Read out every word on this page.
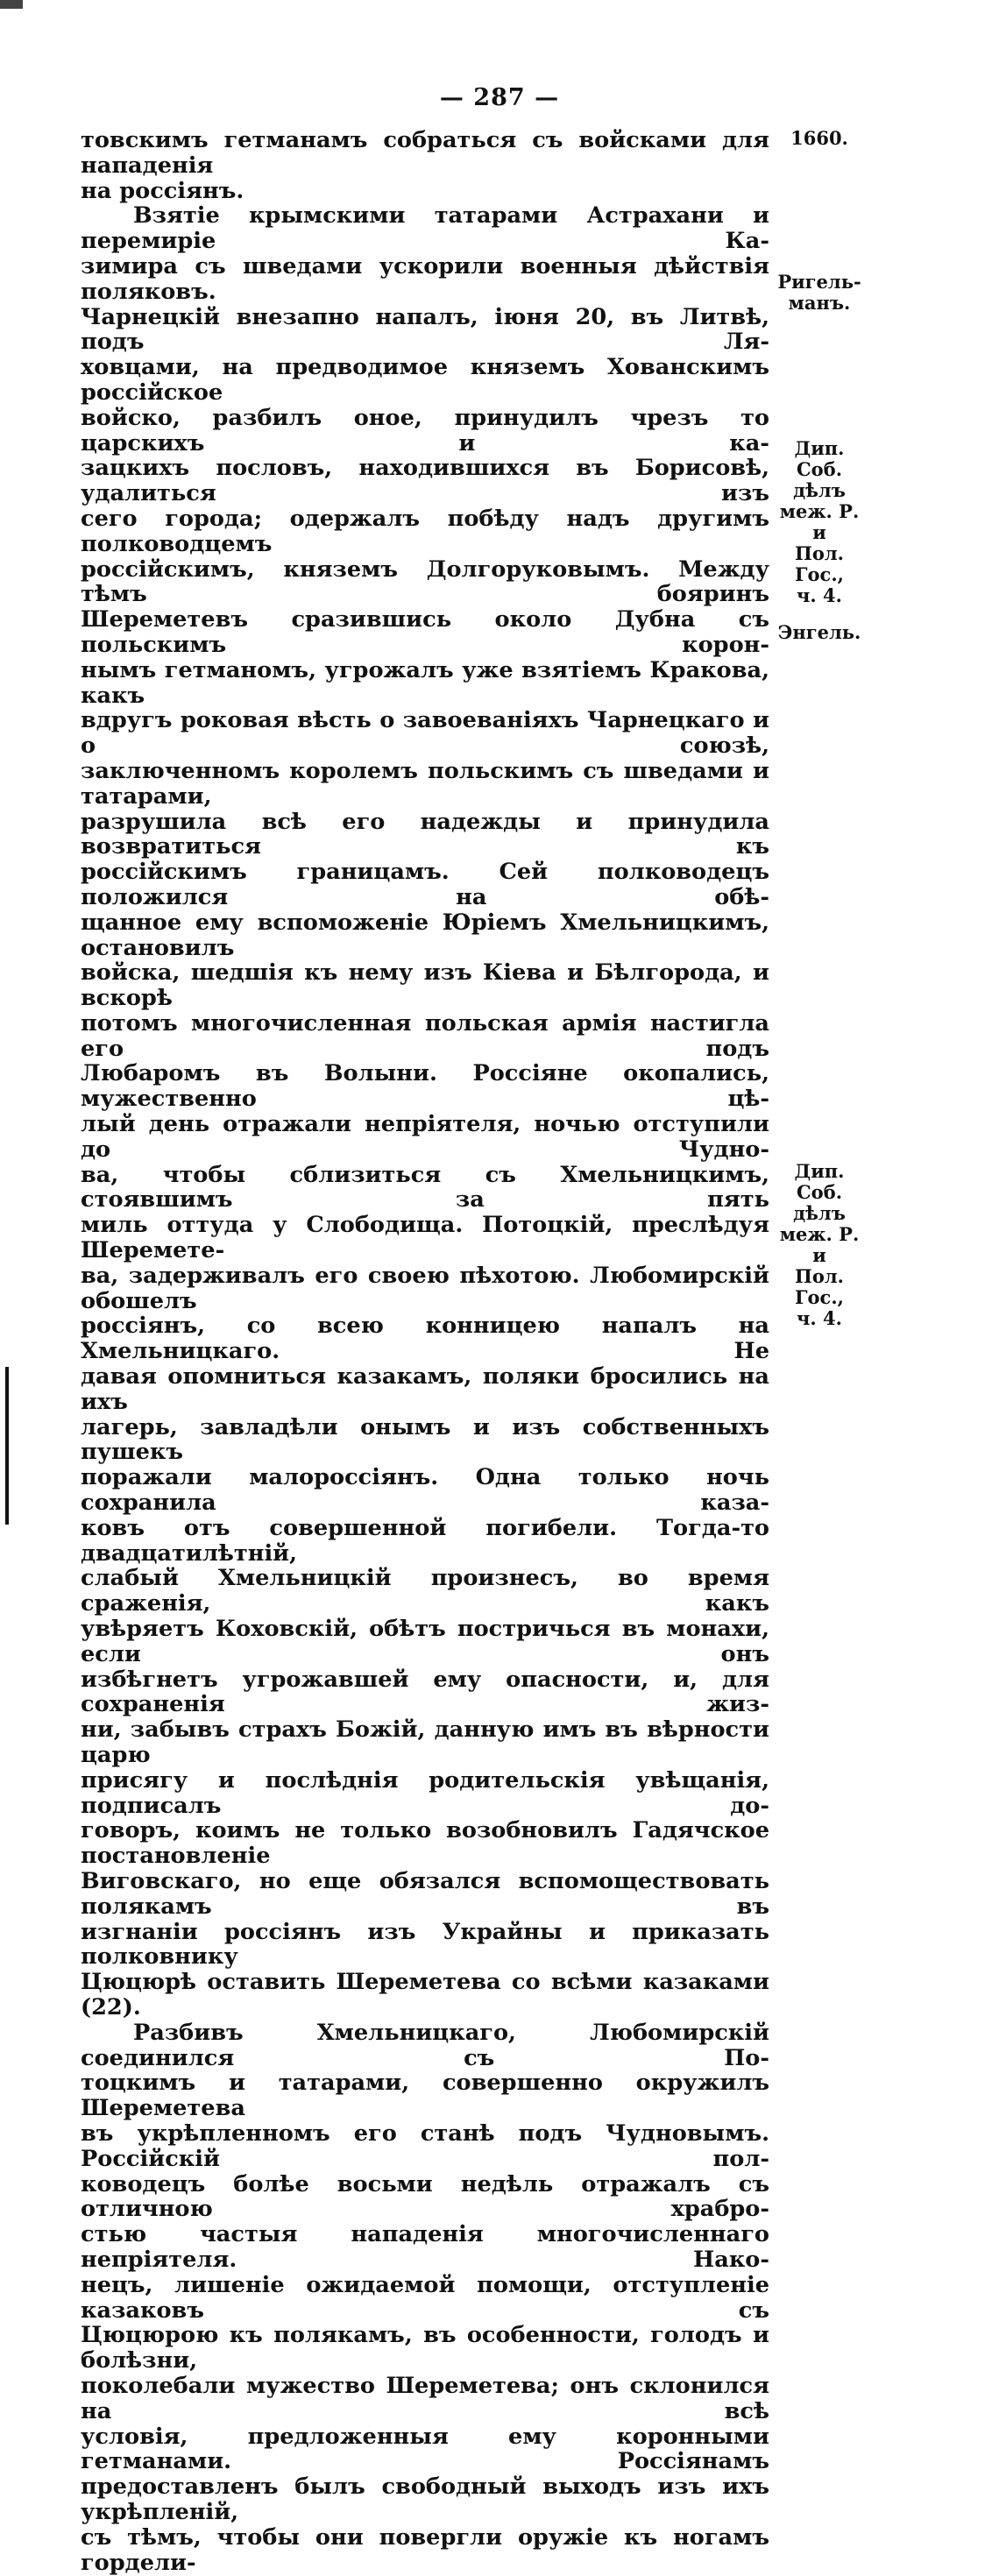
— 287 —

товскимъ гетманамъ собраться съ войсками для нападенія

на россіянъ.

Взятіе крымскими татарами Астрахани и перемиріе Ка-

зимира съ шведами ускорили военныя дѣйствія поляковъ.

Чарнецкій внезапно напалъ, іюня 20, въ Литвѣ, подъ Ля-

ховцами, на предводимое княземъ Хованскимъ россійское

войско, разбилъ оное, принудилъ чрезъ то царскихъ и ка-

зацкихъ пословъ, находившихся въ Борисовѣ, удалиться изъ

сего города; одержалъ побѣду надъ другимъ полководцемъ

россійскимъ, княземъ Долгоруковымъ. Между тѣмъ бояринъ

Шереметевъ сразившись около Дубна съ польскимъ корон-

нымъ гетманомъ, угрожалъ уже взятіемъ Кракова, какъ

вдругъ роковая вѣсть о завоеваніяхъ Чарнецкаго и о союзѣ,

заключенномъ королемъ польскимъ съ шведами и татарами,

разрушила всѣ его надежды и принудила возвратиться къ

россійскимъ границамъ. Сей полководецъ положился на обѣ-

щанное ему вспоможеніе Юріемъ Хмельницкимъ, остановилъ

войска, шедшія къ нему изъ Кіева и Бѣлгорода, и вскорѣ

потомъ многочисленная польская армія настигла его подъ

Любаромъ въ Волыни. Россіяне окопались, мужественно цѣ-

лый день отражали непріятеля, ночью отступили до Чудно-

ва, чтобы сблизиться съ Хмельницкимъ, стоявшимъ за пять

миль оттуда у Слободища. Потоцкій, преслѣдуя Шереметe-

ва, задерживалъ его своею пѣхотою. Любомирскій обошелъ

россіянъ, со всею конницею напалъ на Хмельницкаго. Не

давая опомниться казакамъ, поляки бросились на ихъ

лагерь, завладѣли онымъ и изъ собственныхъ пушекъ

поражали малороссіянъ. Одна только ночь сохранила каза-

ковъ отъ совершенной погибели. Тогда-то двадцатилѣтній,

слабый Хмельницкій произнесъ, во время сраженія, какъ

увѣряетъ Коховскій, обѣтъ постричься въ монахи, если онъ

избѣгнетъ угрожавшей ему опасности, и, для сохраненія жиз-

ни, забывъ страхъ Божій, данную имъ въ вѣрности царю

присягу и послѣднія родительскія увѣщанія, подписалъ до-

говоръ, коимъ не только возобновилъ Гадячское постановленіе

Виговскаго, но еще обязался вспомоществовать полякамъ въ

изгнаніи россіянъ изъ Украйны и приказать полковнику

Цюцюрѣ оставить Шереметева со всѣми казаками (22).

Разбивъ Хмельницкаго, Любомирскій соединился съ По-

тоцкимъ и татарами, совершенно окружилъ Шереметева

въ укрѣпленномъ его станѣ подъ Чудновымъ. Россійскій пол-

ководецъ болѣе восьми недѣль отражалъ съ отличною храбро-

стью частыя нападенія многочисленнаго непріятеля. Нако-

нецъ, лишеніе ожидаемой помощи, отступленіе казаковъ съ

Цюцюрою къ полякамъ, въ особенности, голодъ и болѣзни,

поколебали мужество Шереметева; онъ склонился на всѣ

условія, предложенныя ему коронными гетманами. Россіянамъ

предоставленъ былъ свободный выходъ изъ ихъ укрѣпленій,

съ тѣмъ, чтобы они повергли оружіе къ ногамъ гордели-

1660.
Ригель-
манъ.
Дип. Соб.
дѣлъ
меж. Р. и
Пол. Гос.,
ч. 4.
Энгель.
Дип. Соб.
дѣлъ
меж. Р. и
Пол. Гос.,
ч. 4.
